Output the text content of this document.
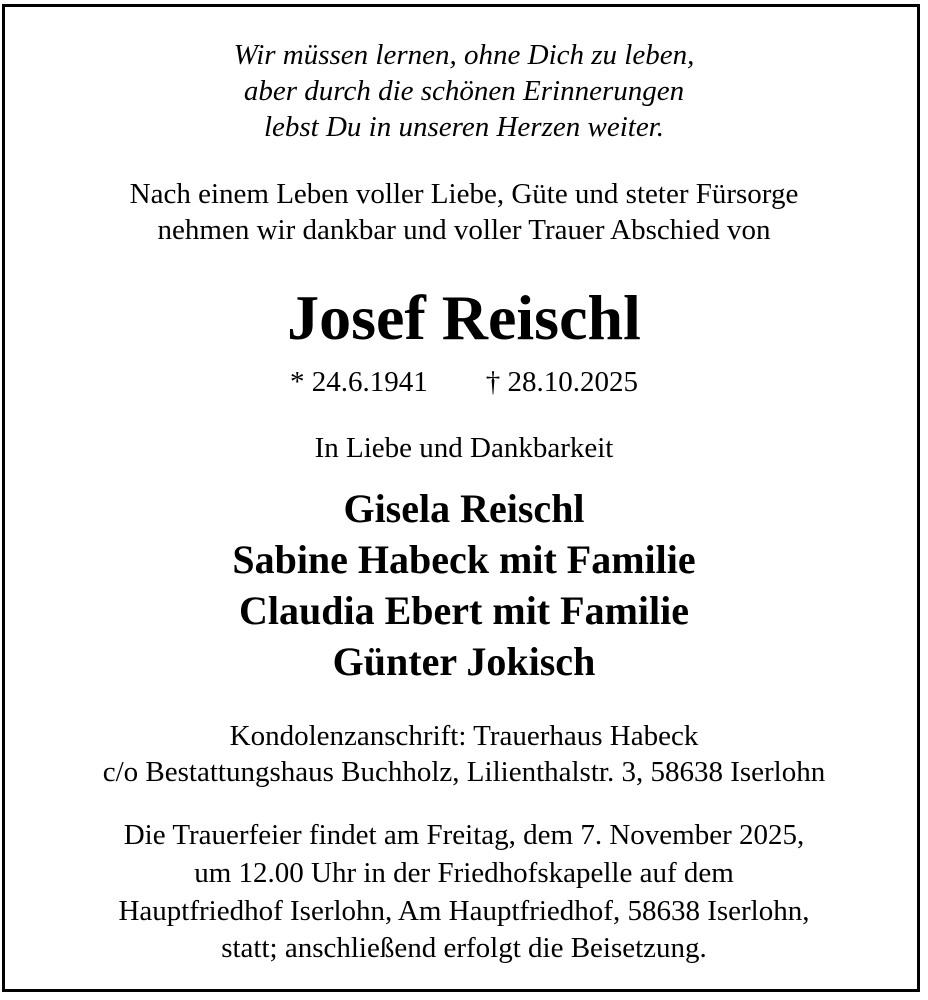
Wir müssen lernen, ohne Dich zu leben,

aber durch die schönen Erinnerungen

lebst Du in unseren Herzen weiter.

Nach einem Leben voller Liebe, Güte und steter Fürsorge

nehmen wir dankbar und voller Trauer Abschied von

Josef Reischl

* 24.6.1941 † 28.10.2025

In Liebe und Dankbarkeit

Gisela Reischl

Sabine Habeck mit Familie

Claudia Ebert mit Familie

Günter Jokisch

Kondolenzanschrift: Trauerhaus Habeck

c/o Bestattungshaus Buchholz, Lilienthalstr. 3, 58638 Iserlohn

Die Trauerfeier findet am Freitag, dem 7. November 2025,

um 12.00 Uhr in der Friedhofskapelle auf dem

Hauptfriedhof Iserlohn, Am Hauptfriedhof, 58638 Iserlohn,

statt; anschließend erfolgt die Beisetzung.
